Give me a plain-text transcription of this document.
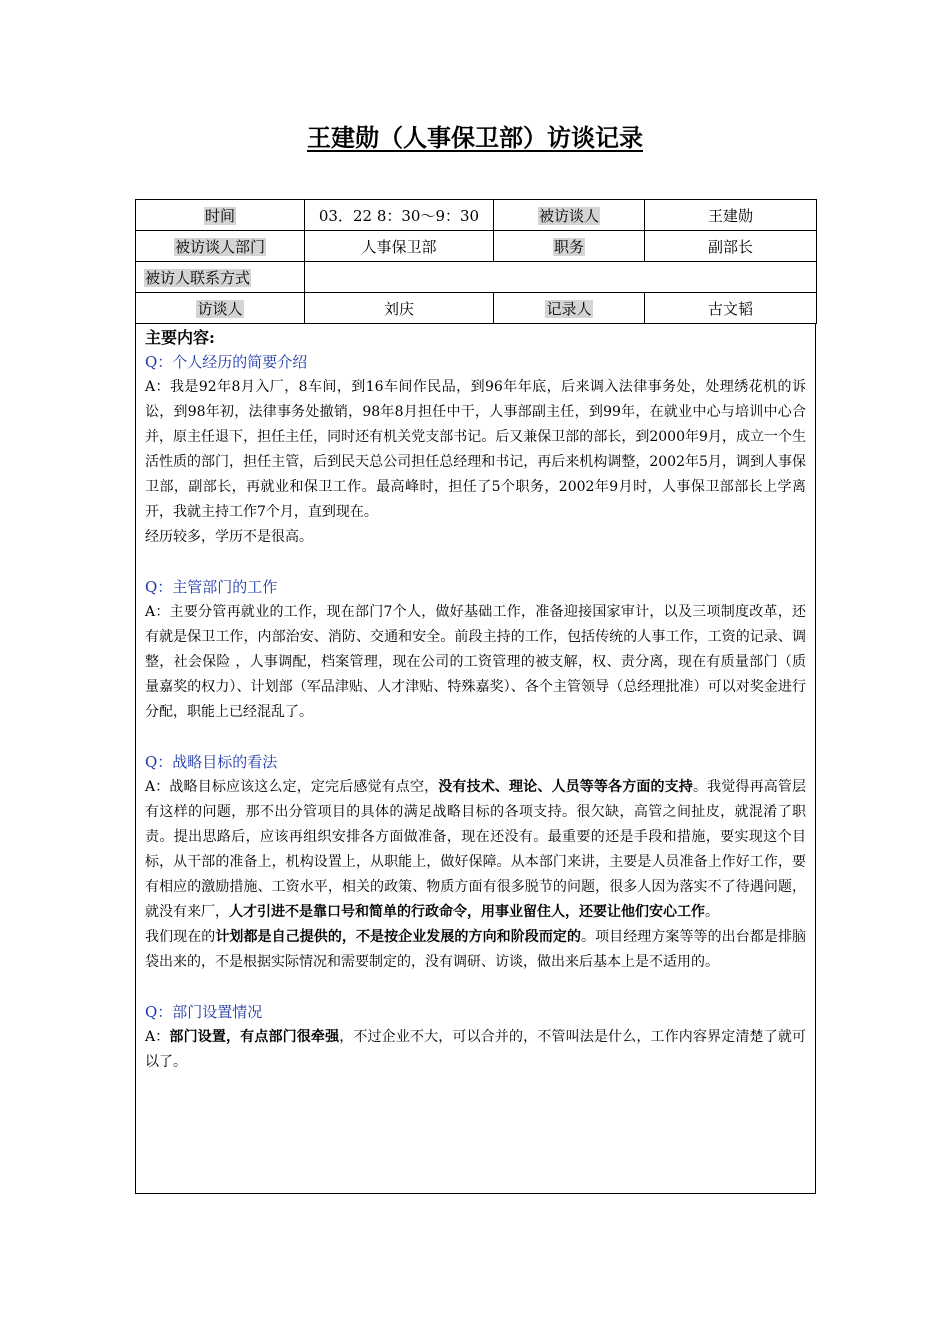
王建勋（人事保卫部）访谈记录
时间	03．22 8：30～9：30	被访谈人	王建勋
被访谈人部门	人事保卫部	职务	副部长
被访人联系方式			
访谈人	刘庆	记录人	古文韬
主要内容:
Q：个人经历的简要介绍

A：我是92年8月入厂，8车间，到16车间作民品，到96年年底，后来调入法律事务处，处理绣花机的诉讼，到98年初，法律事务处撤销，98年8月担任中干，人事部副主任，到99年，在就业中心与培训中心合并，原主任退下，担任主任，同时还有机关党支部书记。后又兼保卫部的部长，到2000年9月，成立一个生活性质的部门，担任主管，后到民天总公司担任总经理和书记，再后来机构调整，2002年5月，调到人事保卫部，副部长，再就业和保卫工作。最高峰时，担任了5个职务，2002年9月时，人事保卫部部长上学离开，我就主持工作7个月，直到现在。

经历较多，学历不是很高。

Q：主管部门的工作

A：主要分管再就业的工作，现在部门7个人，做好基础工作，准备迎接国家审计，以及三项制度改革，还有就是保卫工作，内部治安、消防、交通和安全。前段主持的工作，包括传统的人事工作，工资的记录、调整，社会保险 ，人事调配，档案管理，现在公司的工资管理的被支解，权、责分离，现在有质量部门（质量嘉奖的权力）、计划部（军品津贴、人才津贴、特殊嘉奖）、各个主管领导（总经理批准）可以对奖金进行分配，职能上已经混乱了。

Q：战略目标的看法

A：战略目标应该这么定，定完后感觉有点空，没有技术、理论、人员等等各方面的支持。我觉得再高管层有这样的问题，那不出分管项目的具体的满足战略目标的各项支持。很欠缺，高管之间扯皮，就混淆了职责。提出思路后，应该再组织安排各方面做准备，现在还没有。最重要的还是手段和措施，要实现这个目标，从干部的准备上，机构设置上，从职能上，做好保障。从本部门来讲，主要是人员准备上作好工作，要有相应的激励措施、工资水平，相关的政策、物质方面有很多脱节的问题，很多人因为落实不了待遇问题，就没有来厂，人才引进不是靠口号和简单的行政命令，用事业留住人，还要让他们安心工作。

我们现在的计划都是自己提供的，不是按企业发展的方向和阶段而定的。项目经理方案等等的出台都是排脑袋出来的，不是根据实际情况和需要制定的，没有调研、访谈，做出来后基本上是不适用的。

Q：部门设置情况

A：部门设置，有点部门很牵强，不过企业不大，可以合并的，不管叫法是什么，工作内容界定清楚了就可以了。
